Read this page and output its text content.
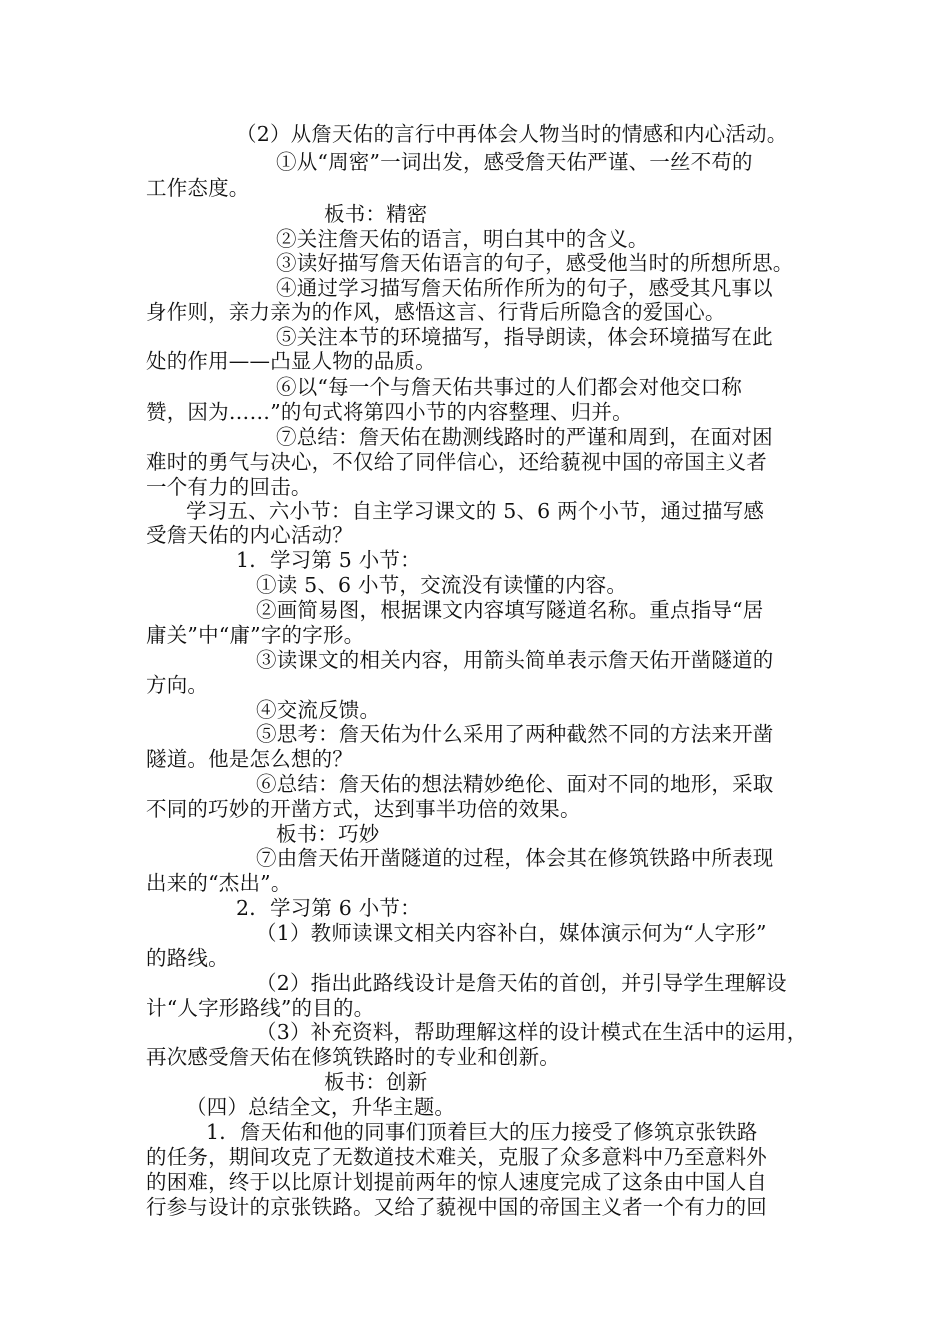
（2）从詹天佑的言行中再体会人物当时的情感和内心活动。
①从“周密”一词出发，感受詹天佑严谨、一丝不苟的
工作态度。
板书：精密
②关注詹天佑的语言，明白其中的含义。
③读好描写詹天佑语言的句子，感受他当时的所想所思。
④通过学习描写詹天佑所作所为的句子，感受其凡事以
身作则，亲力亲为的作风，感悟这言、行背后所隐含的爱国心。
⑤关注本节的环境描写，指导朗读，体会环境描写在此
处的作用——凸显人物的品质。
⑥以“每一个与詹天佑共事过的人们都会对他交口称
赞，因为……”的句式将第四小节的内容整理、归并。
⑦总结：詹天佑在勘测线路时的严谨和周到，在面对困
难时的勇气与决心，不仅给了同伴信心，还给藐视中国的帝国主义者
一个有力的回击。
学习五、六小节：自主学习课文的 5、6 两个小节，通过描写感
受詹天佑的内心活动？
1．学习第 5 小节：
①读 5、6 小节，交流没有读懂的内容。
②画简易图，根据课文内容填写隧道名称。重点指导“居
庸关”中“庸”字的字形。
③读课文的相关内容，用箭头简单表示詹天佑开凿隧道的
方向。
④交流反馈。
⑤思考：詹天佑为什么采用了两种截然不同的方法来开凿
隧道。他是怎么想的？
⑥总结：詹天佑的想法精妙绝伦、面对不同的地形，采取
不同的巧妙的开凿方式，达到事半功倍的效果。
板书：巧妙
⑦由詹天佑开凿隧道的过程，体会其在修筑铁路中所表现
出来的“杰出”。
2．学习第 6 小节：
（1）教师读课文相关内容补白，媒体演示何为“人字形”
的路线。
（2）指出此路线设计是詹天佑的首创，并引导学生理解设
计“人字形路线”的目的。
（3）补充资料，帮助理解这样的设计模式在生活中的运用，
再次感受詹天佑在修筑铁路时的专业和创新。
板书：创新
（四）总结全文，升华主题。
1．詹天佑和他的同事们顶着巨大的压力接受了修筑京张铁路
的任务，期间攻克了无数道技术难关，克服了众多意料中乃至意料外
的困难，终于以比原计划提前两年的惊人速度完成了这条由中国人自
行参与设计的京张铁路。又给了藐视中国的帝国主义者一个有力的回
